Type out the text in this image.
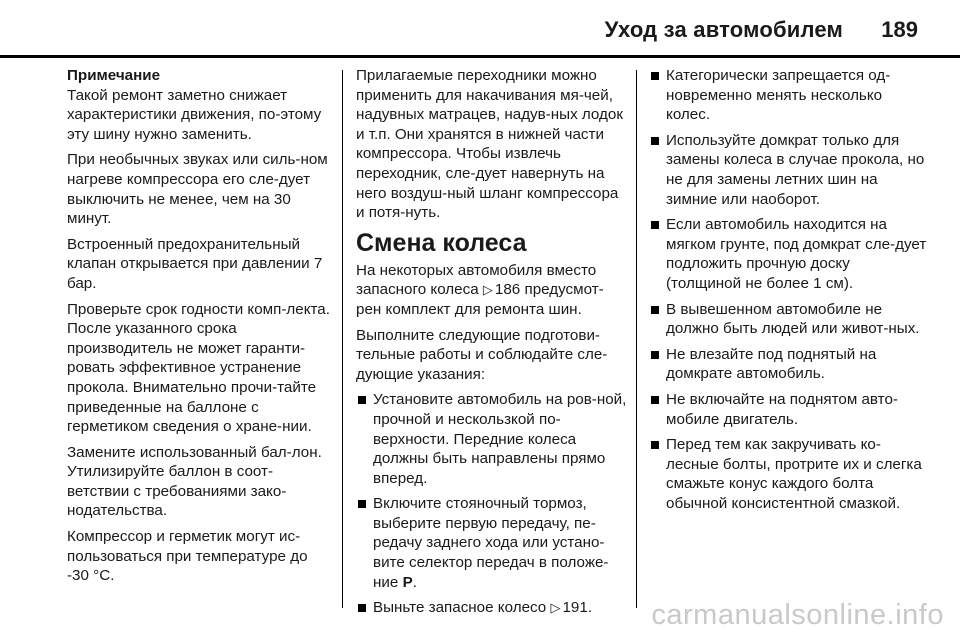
Уход за автомобилем 189

Примечание

Такой ремонт заметно снижает характеристики движения, по-этому эту шину нужно заменить.

При необычных звуках или силь-ном нагреве компрессора его сле-дует выключить не менее, чем на 30 минут.

Встроенный предохранительный клапан открывается при давлении 7 бар.

Проверьте срок годности комп-лекта. После указанного срока производитель не может гаранти-ровать эффективное устранение прокола. Внимательно прочи-тайте приведенные на баллоне с герметиком сведения о хране-нии.

Замените использованный бал-лон. Утилизируйте баллон в соот-ветствии с требованиями зако-нодательства.

Компрессор и герметик могут ис-пользоваться при температуре до -30 °C.

Прилагаемые переходники можно применить для накачивания мя-чей, надувных матрацев, надув-ных лодок и т.п. Они хранятся в нижней части компрессора. Чтобы извлечь переходник, сле-дует навернуть на него воздуш-ный шланг компрессора и потя-нуть.

Смена колеса

На некоторых автомобиля вместо запасного колеса ▷ 186 предусмот-рен комплект для ремонта шин.

Выполните следующие подготови-тельные работы и соблюдайте сле-дующие указания:

Установите автомобиль на ров-ной, прочной и нескользкой по-верхности. Передние колеса должны быть направлены прямо вперед.
Включите стояночный тормоз, выберите первую передачу, пе-редачу заднего хода или устано-вите селектор передач в положе-ние P.
Выньте запасное колесо ▷ 191.
Категорически запрещается од-новременно менять несколько колес.
Используйте домкрат только для замены колеса в случае прокола, но не для замены летних шин на зимние или наоборот.
Если автомобиль находится на мягком грунте, под домкрат сле-дует подложить прочную доску (толщиной не более 1 см).
В вывешенном автомобиле не должно быть людей или живот-ных.
Не влезайте под поднятый на домкрате автомобиль.
Не включайте на поднятом авто-мобиле двигатель.
Перед тем как закручивать ко-лесные болты, протрите их и слегка смажьте конус каждого болта обычной консистентной смазкой.
carmanualsonline.info
